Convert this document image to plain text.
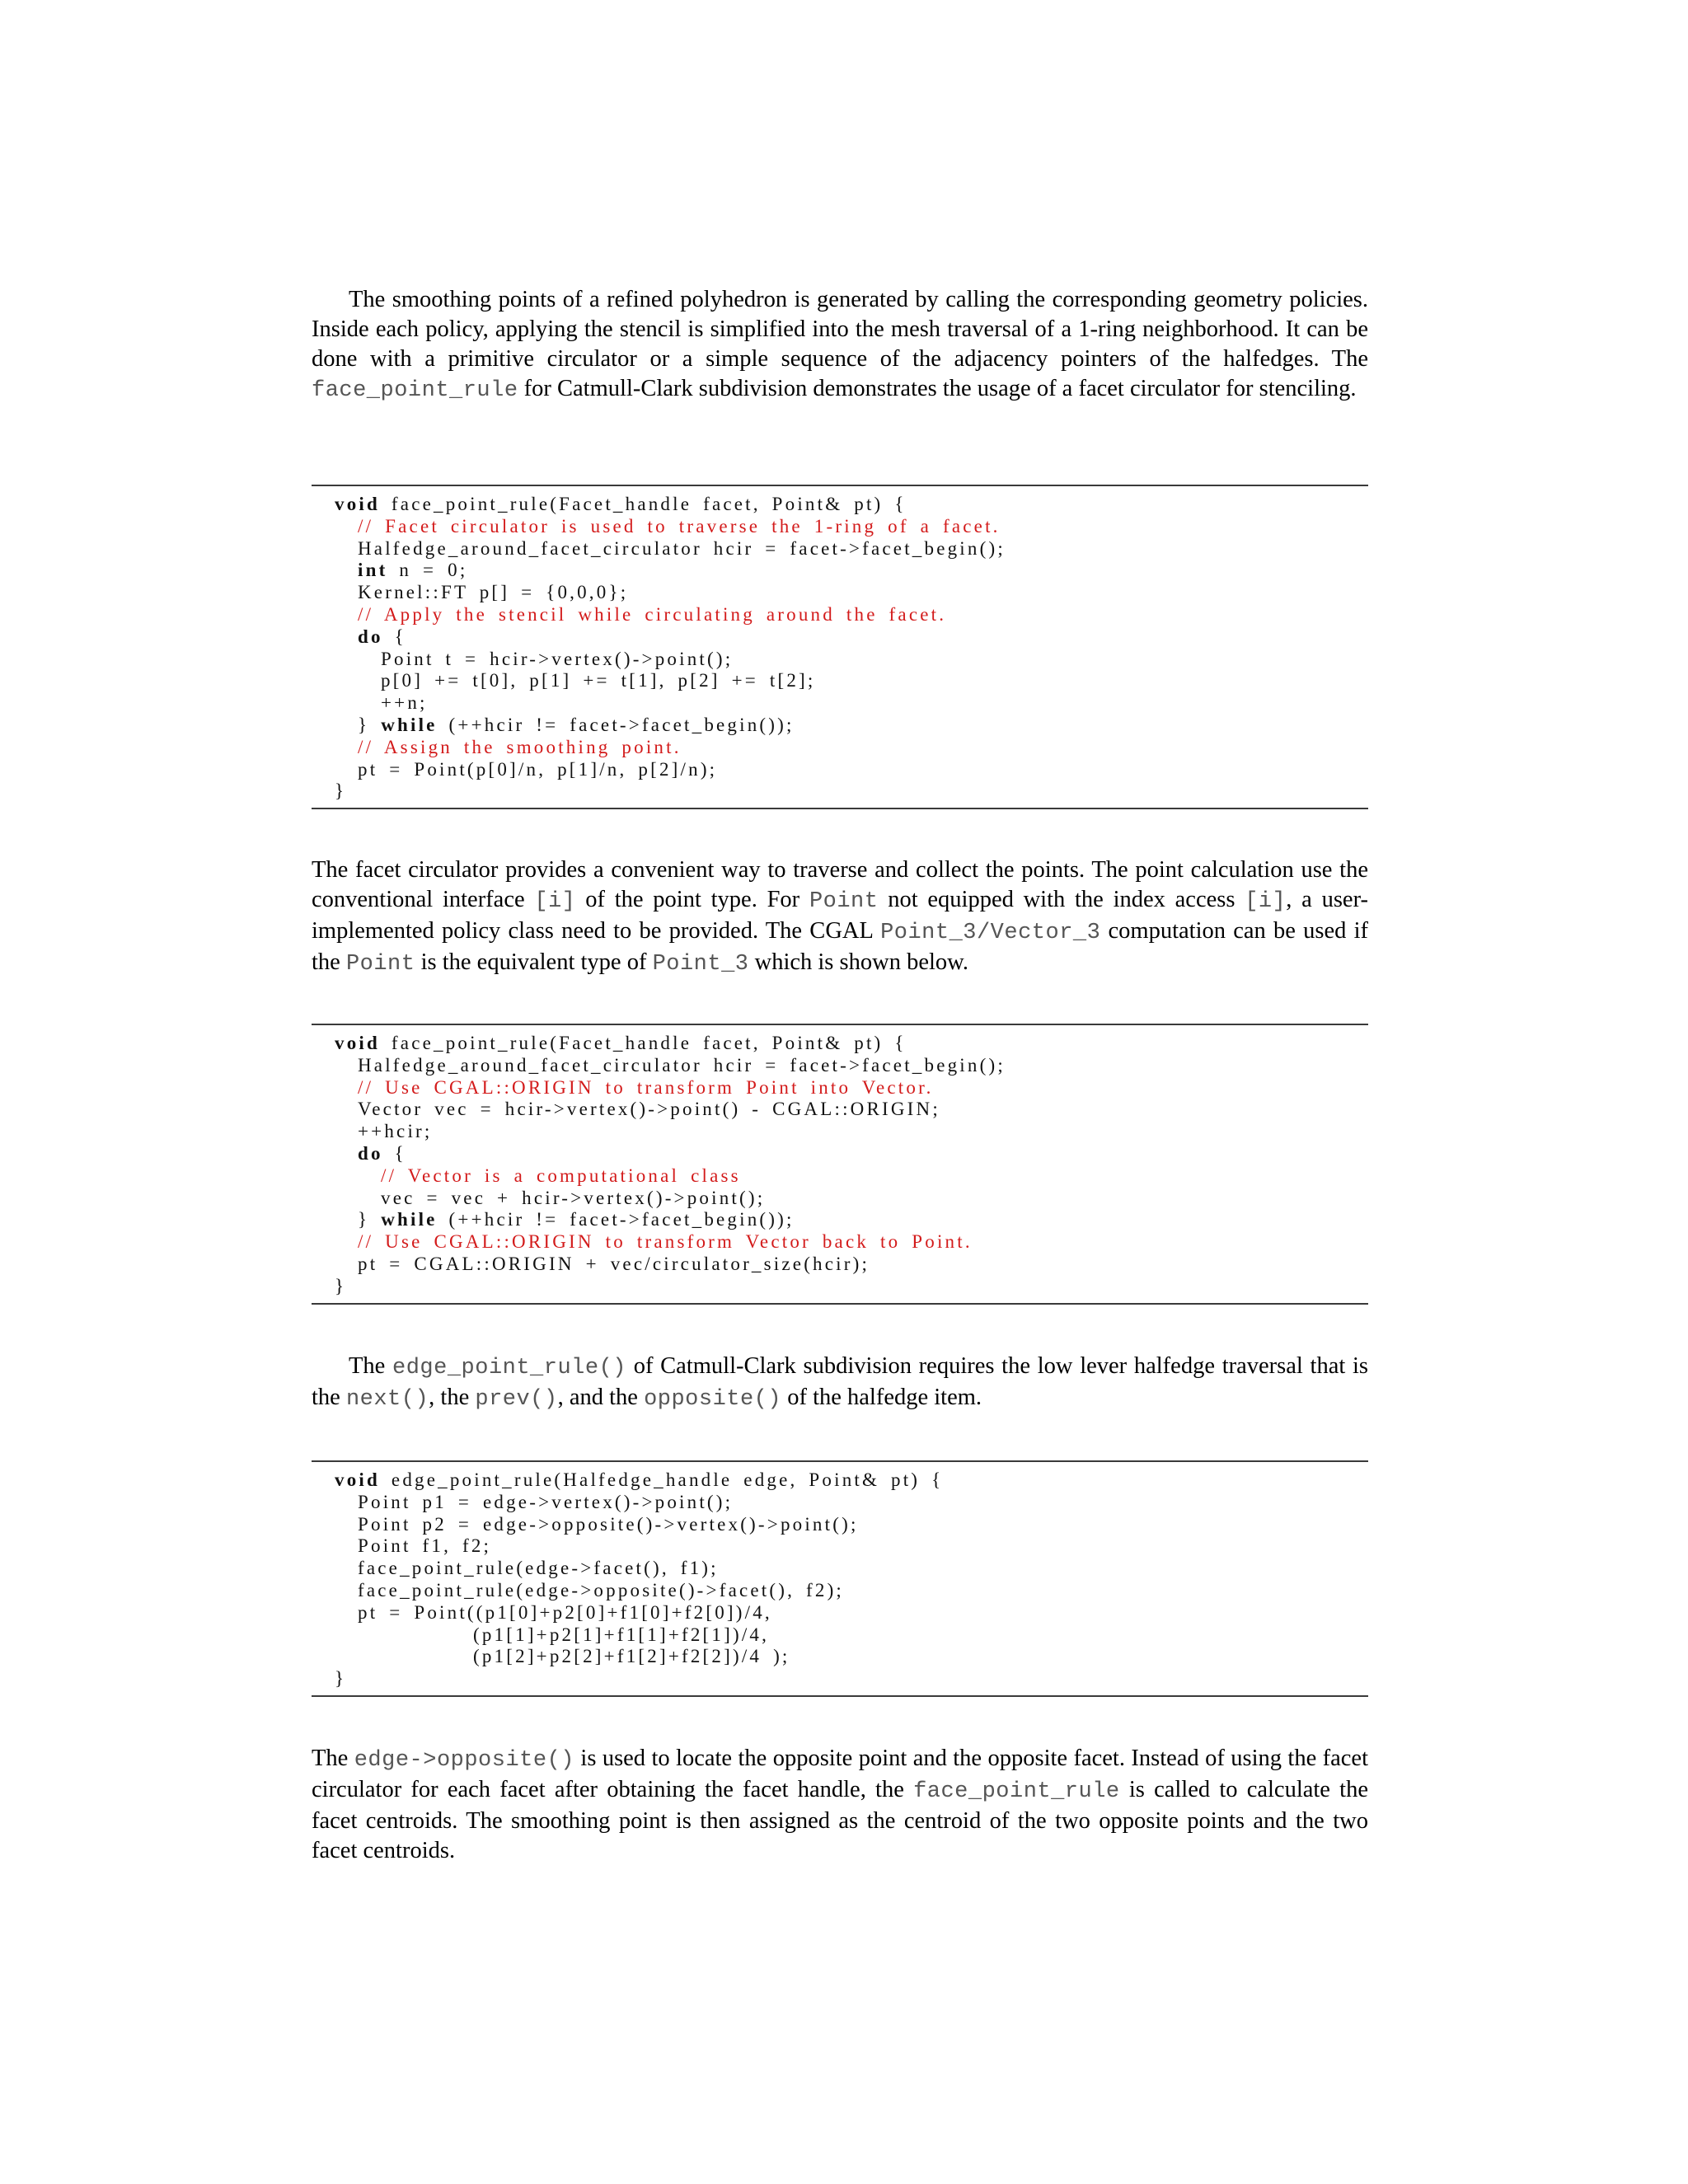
The smoothing points of a refined polyhedron is generated by calling the corresponding geometry policies. Inside each policy, applying the stencil is simplified into the mesh traversal of a 1-ring neighborhood. It can be done with a primitive circulator or a simple sequence of the adjacency pointers of the halfedges. The face_point_rule for Catmull-Clark subdivision demonstrates the usage of a facet circulator for stenciling.

void face_point_rule(Facet_handle facet, Point& pt) {
// Facet circulator is used to traverse the 1-ring of a facet.
Halfedge_around_facet_circulator hcir = facet->facet_begin();
int n = 0;
Kernel::FT p[] = {0,0,0};
// Apply the stencil while circulating around the facet.
do {
Point t = hcir->vertex()->point();
p[0] += t[0], p[1] += t[1], p[2] += t[2];
++n;
} while (++hcir != facet->facet_begin());
// Assign the smoothing point.
pt = Point(p[0]/n, p[1]/n, p[2]/n);
}

The facet circulator provides a convenient way to traverse and collect the points. The point calculation use the conventional interface [i] of the point type. For Point not equipped with the index access [i], a user-implemented policy class need to be provided. The CGAL Point_3/Vector_3 computation can be used if the Point is the equivalent type of Point_3 which is shown below.

void face_point_rule(Facet_handle facet, Point& pt) {
Halfedge_around_facet_circulator hcir = facet->facet_begin();
// Use CGAL::ORIGIN to transform Point into Vector.
Vector vec = hcir->vertex()->point() - CGAL::ORIGIN;
++hcir;
do {
// Vector is a computational class
vec = vec + hcir->vertex()->point();
} while (++hcir != facet->facet_begin());
// Use CGAL::ORIGIN to transform Vector back to Point.
pt = CGAL::ORIGIN + vec/circulator_size(hcir);
}

The edge_point_rule() of Catmull-Clark subdivision requires the low lever halfedge traversal that is the next(), the prev(), and the opposite() of the halfedge item.

void edge_point_rule(Halfedge_handle edge, Point& pt) {
Point p1 = edge->vertex()->point();
Point p2 = edge->opposite()->vertex()->point();
Point f1, f2;
face_point_rule(edge->facet(), f1);
face_point_rule(edge->opposite()->facet(), f2);
pt = Point((p1[0]+p2[0]+f1[0]+f2[0])/4,
(p1[1]+p2[1]+f1[1]+f2[1])/4,
(p1[2]+p2[2]+f1[2]+f2[2])/4 );
}

The edge->opposite() is used to locate the opposite point and the opposite facet. Instead of using the facet circulator for each facet after obtaining the facet handle, the face_point_rule is called to calculate the facet centroids. The smoothing point is then assigned as the centroid of the two opposite points and the two facet centroids.
